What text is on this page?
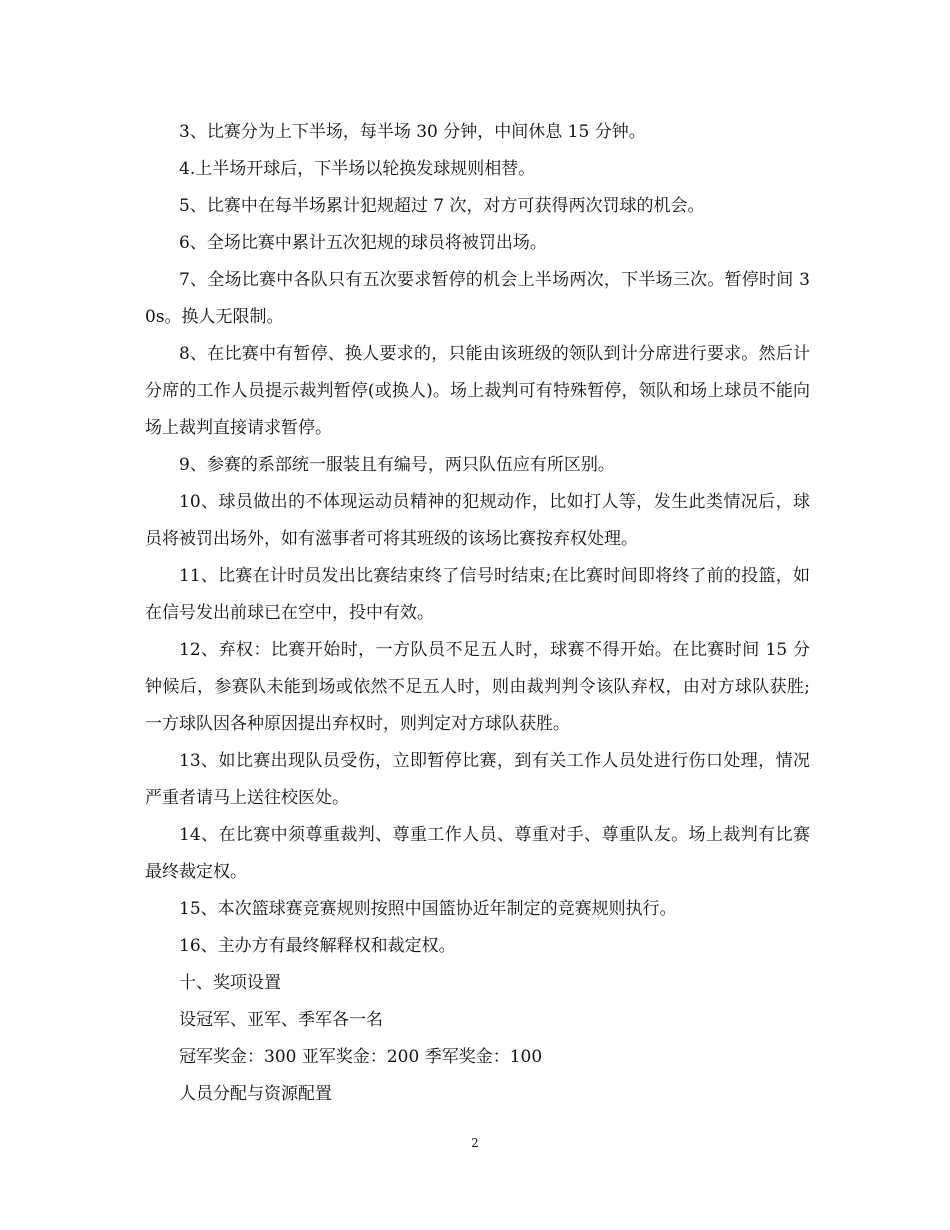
3、比赛分为上下半场，每半场 30 分钟，中间休息 15 分钟。

4.上半场开球后，下半场以轮换发球规则相替。

5、比赛中在每半场累计犯规超过 7 次，对方可获得两次罚球的机会。

6、全场比赛中累计五次犯规的球员将被罚出场。

7、全场比赛中各队只有五次要求暂停的机会上半场两次，下半场三次。暂停时间 30s。换人无限制。

8、在比赛中有暂停、换人要求的，只能由该班级的领队到计分席进行要求。然后计分席的工作人员提示裁判暂停(或换人)。场上裁判可有特殊暂停，领队和场上球员不能向场上裁判直接请求暂停。

9、参赛的系部统一服装且有编号，两只队伍应有所区别。

10、球员做出的不体现运动员精神的犯规动作，比如打人等，发生此类情况后，球员将被罚出场外，如有滋事者可将其班级的该场比赛按弃权处理。

11、比赛在计时员发出比赛结束终了信号时结束;在比赛时间即将终了前的投篮，如在信号发出前球已在空中，投中有效。

12、弃权：比赛开始时，一方队员不足五人时，球赛不得开始。在比赛时间 15 分钟候后，参赛队未能到场或依然不足五人时，则由裁判判令该队弃权，由对方球队获胜;一方球队因各种原因提出弃权时，则判定对方球队获胜。

13、如比赛出现队员受伤，立即暂停比赛，到有关工作人员处进行伤口处理，情况严重者请马上送往校医处。

14、在比赛中须尊重裁判、尊重工作人员、尊重对手、尊重队友。场上裁判有比赛最终裁定权。

15、本次篮球赛竞赛规则按照中国篮协近年制定的竞赛规则执行。

16、主办方有最终解释权和裁定权。

十、奖项设置

设冠军、亚军、季军各一名

冠军奖金：300 亚军奖金：200 季军奖金：100

人员分配与资源配置

2
